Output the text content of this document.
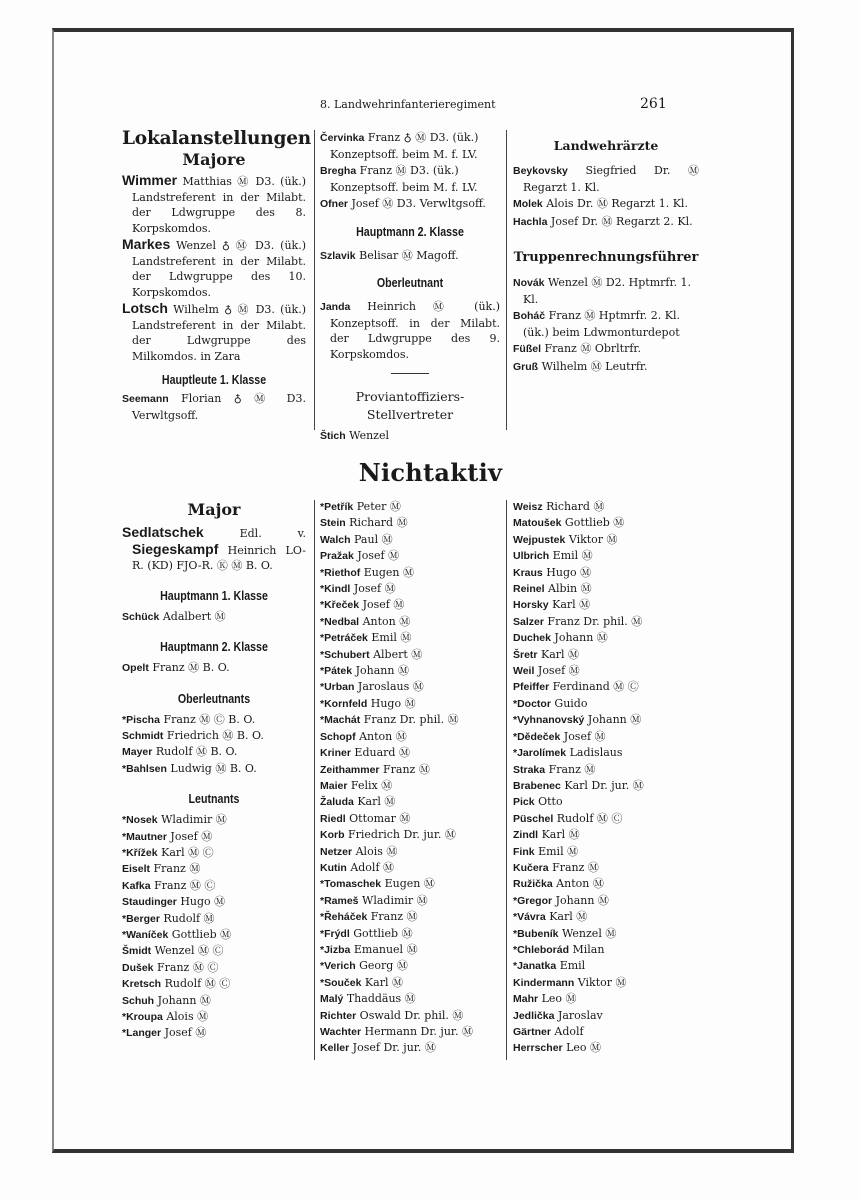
8. Landwehrinfanterieregiment	261
Lokalanstellungen
Majore

Wimmer Matthias Ⓜ D3. (ük.) Landstreferent in der Milabt. der Ldwgruppe des 8. Korpskomdos.

Markes Wenzel ♁ Ⓜ D3. (ük.) Landstreferent in der Milabt. der Ldwgruppe des 10. Korpskomdos.

Lotsch Wilhelm ♁ Ⓜ D3. (ük.) Landstreferent in der Milabt. der Ldwgruppe des Milkomdos. in Zara

Hauptleute 1. Klasse

Seemann Florian ♁ Ⓜ D3. Verwltgsoff.

Červinka Franz ♁ Ⓜ D3. (ük.) Konzeptsoff. beim M. f. LV.

Bregha Franz Ⓜ D3. (ük.) Konzeptsoff. beim M. f. LV.

Ofner Josef Ⓜ D3. Verwltgsoff.

Hauptmann 2. Klasse

Szlavik Belisar Ⓜ Magoff.

Oberleutnant

Janda Heinrich Ⓜ (ük.) Konzeptsoff. in der Milabt. der Ldwgruppe des 9. Korpskomdos.

Proviantoffiziers-
Stellvertreter

Štich Wenzel

Landwehrärzte

Beykovsky Siegfried Dr. Ⓜ Regarzt 1. Kl.

Molek Alois Dr. Ⓜ Regarzt 1. Kl.

Hachla Josef Dr. Ⓜ Regarzt 2. Kl.

Truppenrechnungsführer

Novák Wenzel Ⓜ D2. Hptmrfr. 1. Kl.

Boháč Franz Ⓜ Hptmrfr. 2. Kl. (ük.) beim Ldwmonturdepot

Füßel Franz Ⓜ Obrltrfr.

Gruß Wilhelm Ⓜ Leutrfr.

Nichtaktiv
Major

Sedlatschek Edl. v. Siegeskampf Heinrich LO-R. (KD) FJO-R. Ⓚ Ⓜ B. O.

Hauptmann 1. Klasse

Schück Adalbert Ⓜ

Hauptmann 2. Klasse

Opelt Franz Ⓜ B. O.

Oberleutnants

*Pischa Franz Ⓜ Ⓒ B. O.

Schmidt Friedrich Ⓜ B. O.

Mayer Rudolf Ⓜ B. O.

*Bahlsen Ludwig Ⓜ B. O.

Leutnants

*Nosek Wladimir Ⓜ

*Mautner Josef Ⓜ

*Křížek Karl Ⓜ Ⓒ

Eiselt Franz Ⓜ

Kafka Franz Ⓜ Ⓒ

Staudinger Hugo Ⓜ

*Berger Rudolf Ⓜ

*Waníček Gottlieb Ⓜ

Šmidt Wenzel Ⓜ Ⓒ

Dušek Franz Ⓜ Ⓒ

Kretsch Rudolf Ⓜ Ⓒ

Schuh Johann Ⓜ

*Kroupa Alois Ⓜ

*Langer Josef Ⓜ

*Petřík Peter Ⓜ

Stein Richard Ⓜ

Walch Paul Ⓜ

Pražak Josef Ⓜ

*Riethof Eugen Ⓜ

*Kindl Josef Ⓜ

*Křeček Josef Ⓜ

*Nedbal Anton Ⓜ

*Petráček Emil Ⓜ

*Schubert Albert Ⓜ

*Pátek Johann Ⓜ

*Urban Jaroslaus Ⓜ

*Kornfeld Hugo Ⓜ

*Machát Franz Dr. phil. Ⓜ

Schopf Anton Ⓜ

Kriner Eduard Ⓜ

Zeithammer Franz Ⓜ

Maier Felix Ⓜ

Žaluda Karl Ⓜ

Riedl Ottomar Ⓜ

Korb Friedrich Dr. jur. Ⓜ

Netzer Alois Ⓜ

Kutin Adolf Ⓜ

*Tomaschek Eugen Ⓜ

*Rameš Wladimir Ⓜ

*Řeháček Franz Ⓜ

*Frýdl Gottlieb Ⓜ

*Jizba Emanuel Ⓜ

*Verich Georg Ⓜ

*Souček Karl Ⓜ

Malý Thaddäus Ⓜ

Richter Oswald Dr. phil. Ⓜ

Wachter Hermann Dr. jur. Ⓜ

Keller Josef Dr. jur. Ⓜ

Weisz Richard Ⓜ

Matoušek Gottlieb Ⓜ

Wejpustek Viktor Ⓜ

Ulbrich Emil Ⓜ

Kraus Hugo Ⓜ

Reinel Albin Ⓜ

Horsky Karl Ⓜ

Salzer Franz Dr. phil. Ⓜ

Duchek Johann Ⓜ

Šretr Karl Ⓜ

Weil Josef Ⓜ

Pfeiffer Ferdinand Ⓜ Ⓒ

*Doctor Guido

*Vyhnanovský Johann Ⓜ

*Dědeček Josef Ⓜ

*Jarolímek Ladislaus

Straka Franz Ⓜ

Brabenec Karl Dr. jur. Ⓜ

Pick Otto

Püschel Rudolf Ⓜ Ⓒ

Zindl Karl Ⓜ

Fink Emil Ⓜ

Kučera Franz Ⓜ

Ružička Anton Ⓜ

*Gregor Johann Ⓜ

*Vávra Karl Ⓜ

*Bubeník Wenzel Ⓜ

*Chleborád Milan

*Janatka Emil

Kindermann Viktor Ⓜ

Mahr Leo Ⓜ

Jedlička Jaroslav

Gärtner Adolf

Herrscher Leo Ⓜ
